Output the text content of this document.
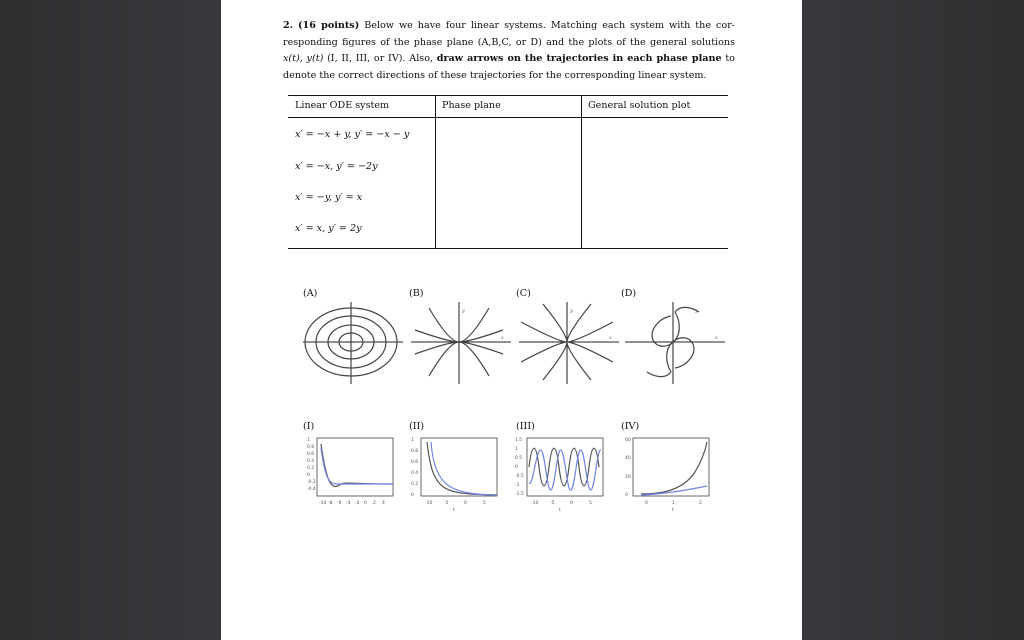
2. (16 points) Below we have four linear systems. Matching each system with the cor- responding figures of the phase plane (A,B,C, or D) and the plots of the general solutions x(t), y(t) (I, II, III, or IV). Also, draw arrows on the trajectories in each phase plane to denote the correct directions of these trajectories for the corresponding linear system.
Linear ODE system	Phase plane	General solution plot
x′ = −x + y, y′ = −x − y
x′ = −x, y′ = −2y
x′ = −y, y′ = x
x′ = x, y′ = 2y
(A)	(B)	(C)	(D)
x
y
x
y
x
y
x
(I)	(II)	(III)	(IV)
1
0.8
0.6
0.4
0.2
0
-0.2
-0.4
-10 -8 -6 -4 -2 0 2 4
1
0.8
0.6
0.4
0.2
0
-10	-5	0	5
t
1.5
1
0.5
0
-0.5
-1
-1.5
-10	-5	0	5
t
60
40
20
0
0	1	2
t
